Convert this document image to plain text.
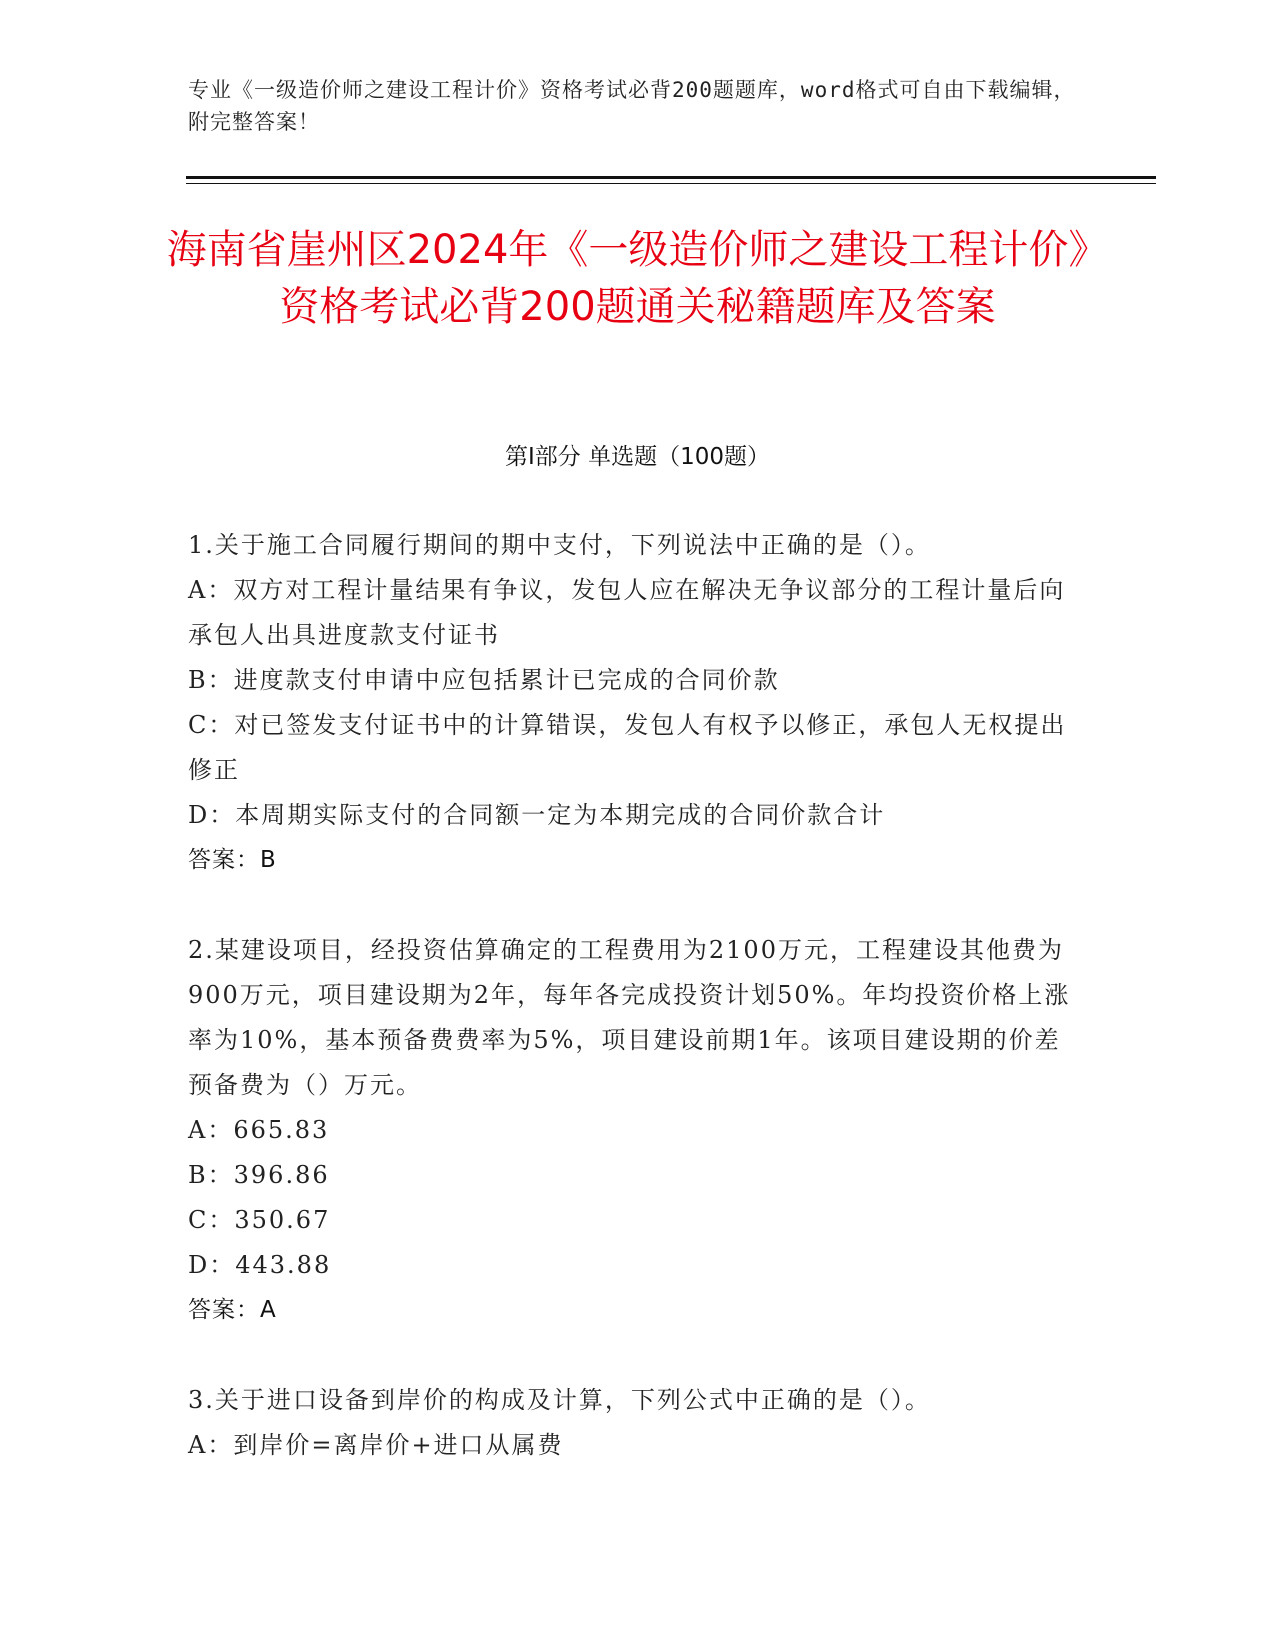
专业《一级造价师之建设工程计价》资格考试必背200题题库，word格式可自由下载编辑，附完整答案！
海南省崖州区2024年《一级造价师之建设工程计价》资格考试必背200题通关秘籍题库及答案
第Ⅰ部分 单选题（100题）

1.关于施工合同履行期间的期中支付，下列说法中正确的是（）。

A：双方对工程计量结果有争议，发包人应在解决无争议部分的工程计量后向承包人出具进度款支付证书

B：进度款支付申请中应包括累计已完成的合同价款

C：对已签发支付证书中的计算错误，发包人有权予以修正，承包人无权提出修正

D：本周期实际支付的合同额一定为本期完成的合同价款合计

答案：B

2.某建设项目，经投资估算确定的工程费用为2100万元，工程建设其他费为900万元，项目建设期为2年，每年各完成投资计划50%。年均投资价格上涨率为10%，基本预备费费率为5%，项目建设前期1年。该项目建设期的价差预备费为（）万元。

A：665.83

B：396.86

C：350.67

D：443.88

答案：A

3.关于进口设备到岸价的构成及计算，下列公式中正确的是（）。

A：到岸价=离岸价+进口从属费
